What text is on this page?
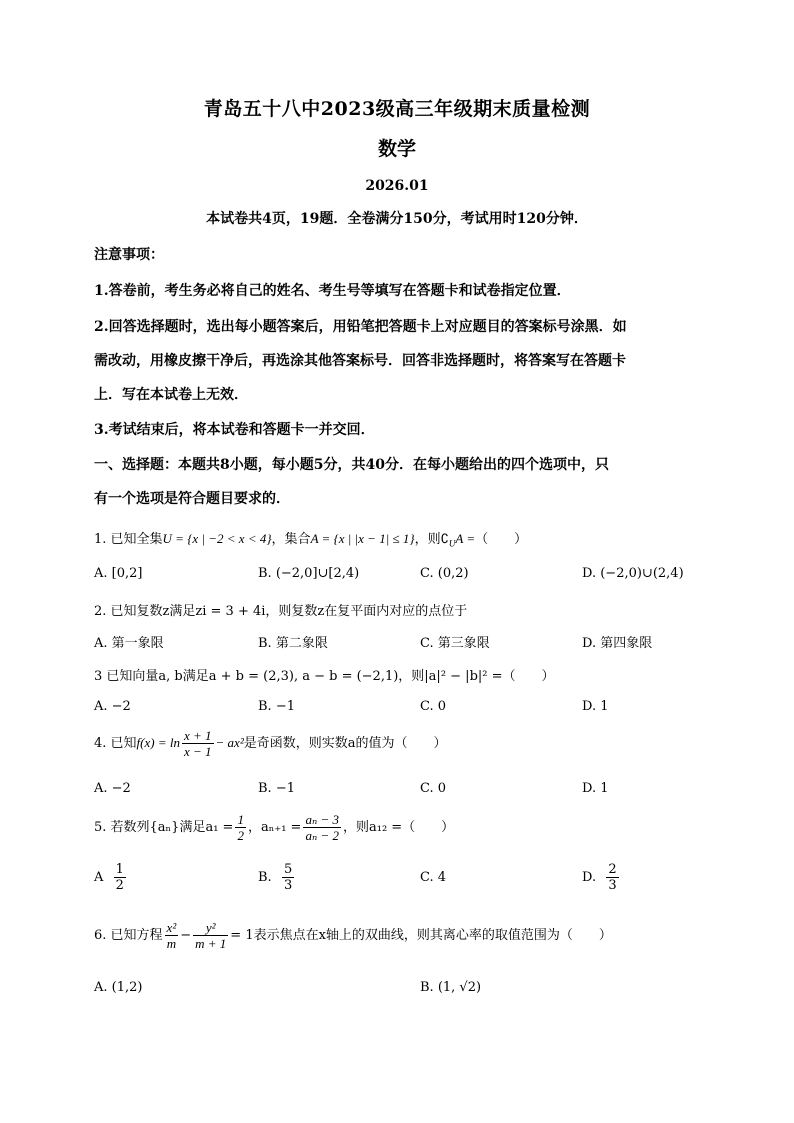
青岛五十八中2023级高三年级期末质量检测
数学
2026.01
本试卷共4页，19题．全卷满分150分，考试用时120分钟．
注意事项：
1.答卷前，考生务必将自己的姓名、考生号等填写在答题卡和试卷指定位置．
2.回答选择题时，选出每小题答案后，用铅笔把答题卡上对应题目的答案标号涂黑．如
需改动，用橡皮擦干净后，再选涂其他答案标号．回答非选择题时，将答案写在答题卡
上．写在本试卷上无效．
3.考试结束后，将本试卷和答题卡一并交回．
一、选择题：本题共8小题，每小题5分，共40分．在每小题给出的四个选项中，只
有一个选项是符合题目要求的．
1. 已知全集U = {x | −2 < x < 4}，集合A = {x | |x − 1| ≤ 1}，则$∁_UA$ =（　　）
A. [0,2]	B. (−2,0]∪[2,4)	C. (0,2)	D. (−2,0)∪(2,4)
2. 已知复数z满足zi = 3 + 4i，则复数z在复平面内对应的点位于
A. 第一象限	B. 第二象限	C. 第三象限	D. 第四象限
3 已知向量a, b满足a + b = (2,3), a − b = (−2,1)，则|a|² − |b|² =（　　）
A. −2	B. −1	C. 0	D. 1
4. 已知$f(x) = \ln \frac{x + 1}{x - 1} - ax^2$是奇函数，则实数a的值为（　　）
A. −2	B. −1	C. 0	D. 1
5. 若数列{aₙ}满足$a_1 = \frac{1}{2}$ ，$a_{n+1} = \frac{\text{aₙ − 3}}{\text{aₙ − 2}}$ ，则a₁₂ =（　　）
A $\frac{1}{2}$	B. $\frac{5}{3}$	C. 4	D. $\frac{2}{3}$
6. 已知方程 $\frac{\text{x²}}{m} - \frac{\text{y²}}{m + 1} = 1$表示焦点在x轴上的双曲线，则其离心率的取值范围为（　　）
A. (1,2)	B. (1, √2)
